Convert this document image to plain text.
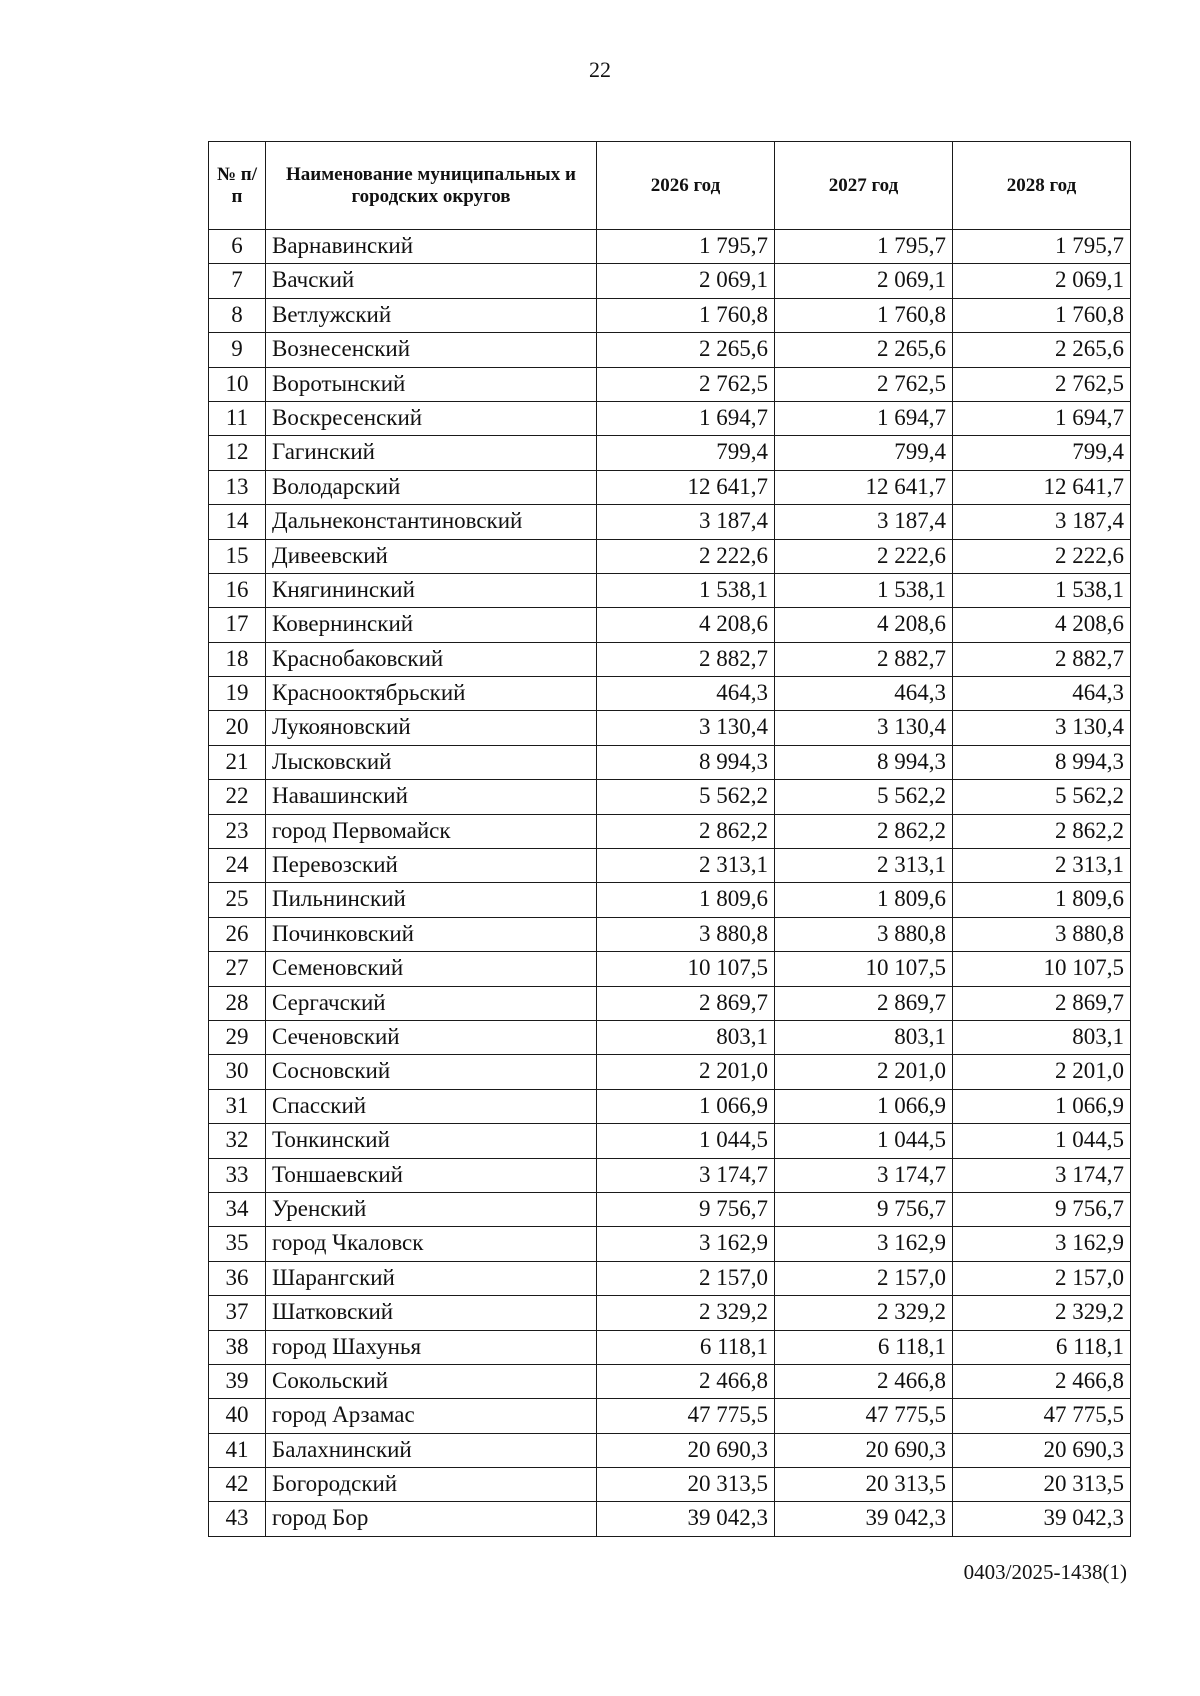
22
№ п/п	Наименование муниципальных и городских округов	2026 год	2027 год	2028 год
6	Варнавинский	1 795,7	1 795,7	1 795,7
7	Вачский	2 069,1	2 069,1	2 069,1
8	Ветлужский	1 760,8	1 760,8	1 760,8
9	Вознесенский	2 265,6	2 265,6	2 265,6
10	Воротынский	2 762,5	2 762,5	2 762,5
11	Воскресенский	1 694,7	1 694,7	1 694,7
12	Гагинский	799,4	799,4	799,4
13	Володарский	12 641,7	12 641,7	12 641,7
14	Дальнеконстантиновский	3 187,4	3 187,4	3 187,4
15	Дивеевский	2 222,6	2 222,6	2 222,6
16	Княгининский	1 538,1	1 538,1	1 538,1
17	Ковернинский	4 208,6	4 208,6	4 208,6
18	Краснобаковский	2 882,7	2 882,7	2 882,7
19	Краснооктябрьский	464,3	464,3	464,3
20	Лукояновский	3 130,4	3 130,4	3 130,4
21	Лысковский	8 994,3	8 994,3	8 994,3
22	Навашинский	5 562,2	5 562,2	5 562,2
23	город Первомайск	2 862,2	2 862,2	2 862,2
24	Перевозский	2 313,1	2 313,1	2 313,1
25	Пильнинский	1 809,6	1 809,6	1 809,6
26	Починковский	3 880,8	3 880,8	3 880,8
27	Семеновский	10 107,5	10 107,5	10 107,5
28	Сергачский	2 869,7	2 869,7	2 869,7
29	Сеченовский	803,1	803,1	803,1
30	Сосновский	2 201,0	2 201,0	2 201,0
31	Спасский	1 066,9	1 066,9	1 066,9
32	Тонкинский	1 044,5	1 044,5	1 044,5
33	Тоншаевский	3 174,7	3 174,7	3 174,7
34	Уренский	9 756,7	9 756,7	9 756,7
35	город Чкаловск	3 162,9	3 162,9	3 162,9
36	Шарангский	2 157,0	2 157,0	2 157,0
37	Шатковский	2 329,2	2 329,2	2 329,2
38	город Шахунья	6 118,1	6 118,1	6 118,1
39	Сокольский	2 466,8	2 466,8	2 466,8
40	город Арзамас	47 775,5	47 775,5	47 775,5
41	Балахнинский	20 690,3	20 690,3	20 690,3
42	Богородский	20 313,5	20 313,5	20 313,5
43	город Бор	39 042,3	39 042,3	39 042,3
0403/2025-1438(1)
